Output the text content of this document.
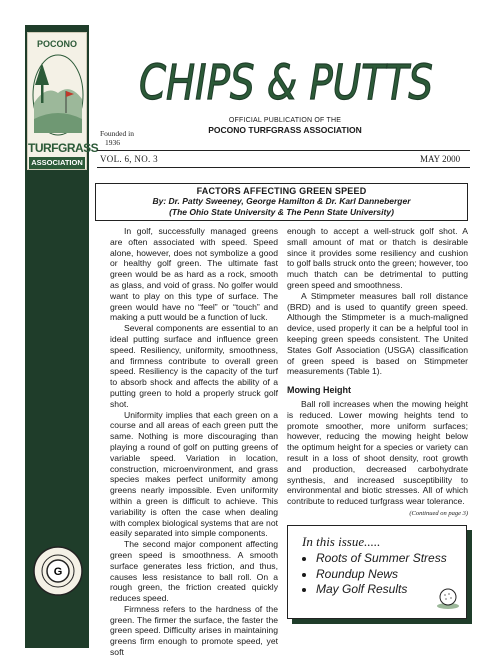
POCONO
TURFGRASS
ASSOCIATION
G
Founded in
1936
CHIPS & PUTTS
OFFICIAL PUBLICATION OF THE
POCONO TURFGRASS ASSOCIATION
VOL. 6, NO. 3	MAY 2000
FACTORS AFFECTING GREEN SPEED
By: Dr. Patty Sweeney, George Hamilton & Dr. Karl Danneberger
(The Ohio State University & The Penn State University)

In golf, successfully managed greens are often associated with speed. Speed alone, however, does not symbolize a good or healthy golf green. The ultimate fast green would be as hard as a rock, smooth as glass, and void of grass. No golfer would want to play on this type of surface. The green would have no “feel” or “touch” and making a putt would be a function of luck.

Several components are essential to an ideal putting surface and influence green speed. Resiliency, uniformity, smoothness, and firmness contribute to overall green speed. Resiliency is the capacity of the turf to absorb shock and affects the ability of a putting green to hold a properly struck golf shot.

Uniformity implies that each green on a course and all areas of each green putt the same. Nothing is more discouraging than playing a round of golf on putting greens of variable speed. Variation in location, construction, microenvironment, and grass species makes perfect uniformity among greens nearly impossible. Even uniformity within a green is difficult to achieve. This variability is often the case when dealing with complex biological systems that are not easily separated into simple components.

The second major component affecting green speed is smoothness. A smooth surface generates less friction, and thus, causes less resistance to ball roll. On a rough green, the friction created quickly reduces speed.

Firmness refers to the hardness of the green. The firmer the surface, the faster the green speed. Difficulty arises in maintaining greens firm enough to promote speed, yet soft

enough to accept a well-struck golf shot. A small amount of mat or thatch is desirable since it provides some resiliency and cushion to golf balls struck onto the green; however, too much thatch can be detrimental to putting green speed and smoothness.

A Stimpmeter measures ball roll distance (BRD) and is used to quantify green speed. Although the Stimpmeter is a much-maligned device, used properly it can be a helpful tool in keeping green speeds consistent. The United States Golf Association (USGA) classification of green speed is based on Stimpmeter measurements (Table 1).

Mowing Height

Ball roll increases when the mowing height is reduced. Lower mowing heights tend to promote smoother, more uniform surfaces; however, reducing the mowing height below the optimum height for a species or variety can result in a loss of shoot density, root growth and production, decreased carbohydrate synthesis, and increased susceptibility to environmental and biotic stresses. All of which contribute to reduced turfgrass wear tolerance.

(Continued on page 3)
In this issue.....
• Roots of Summer Stress
• Roundup News
• May Golf Results
